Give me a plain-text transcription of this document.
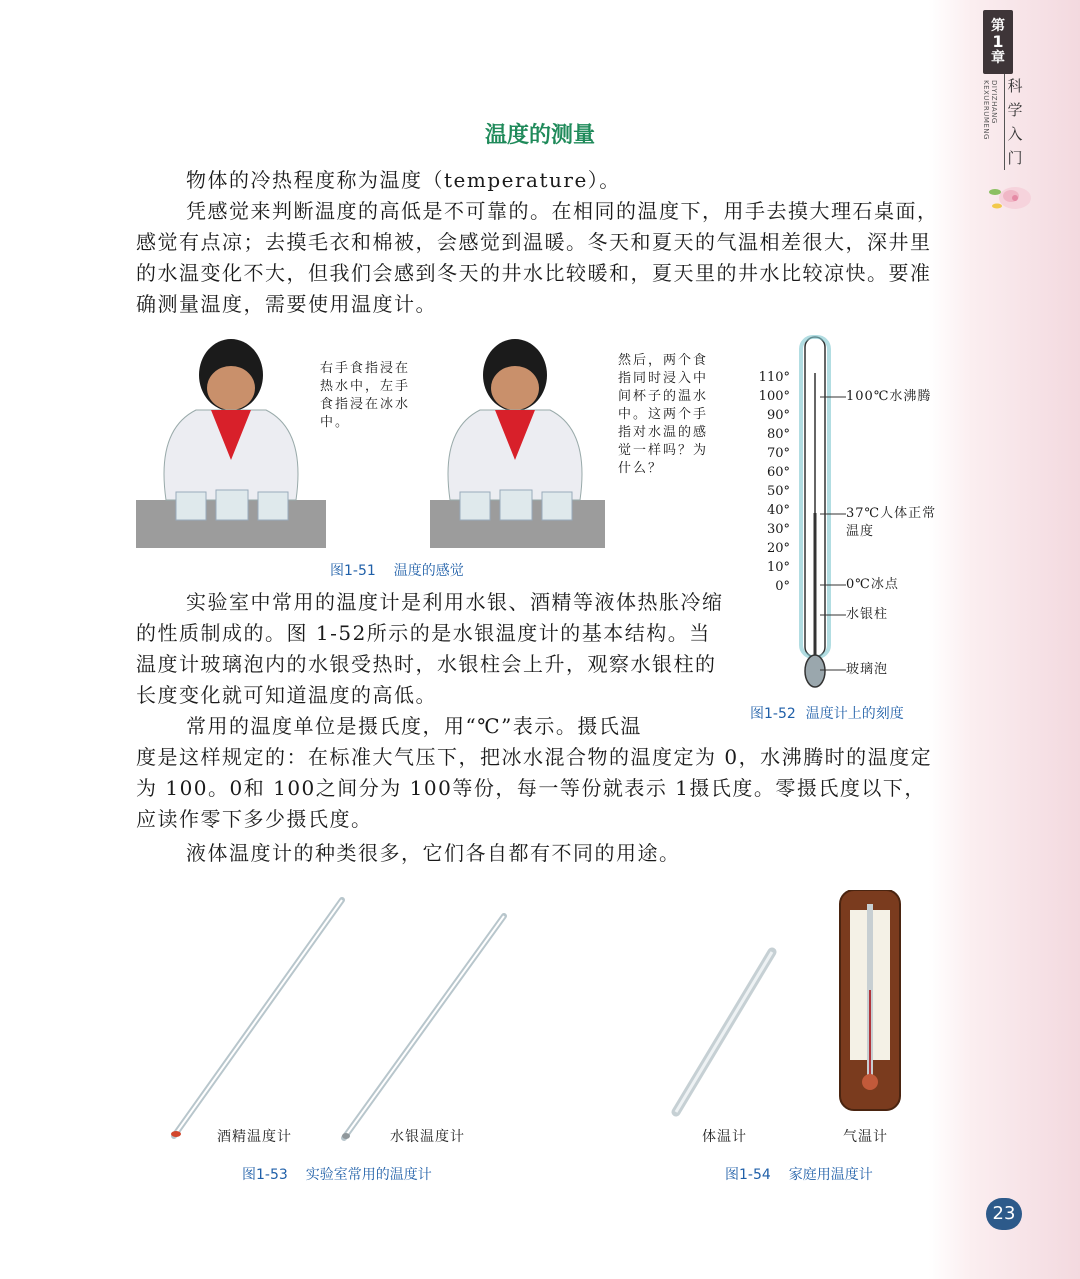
第
1
章
DIYIZHANG KEXUERUMENG	科
学
入
门
温度的测量

物体的冷热程度称为温度（temperature）。

凭感觉来判断温度的高低是不可靠的。在相同的温度下，用手去摸大理石桌面，感觉有点凉；去摸毛衣和棉被，会感觉到温暖。冬天和夏天的气温相差很大，深井里的水温变化不大，但我们会感到冬天的井水比较暖和，夏天里的井水比较凉快。要准确测量温度，需要使用温度计。

右手食指浸在热水中，左手食指浸在冰水中。
然后，两个食指同时浸入中间杯子的温水中。这两个手指对水温的感觉一样吗？为什么？
图1-51 温度的感觉
110°
100°
90°
80°
70°
60°
50°
40°
30°
20°
10°
0°
100℃水沸腾
37℃人体正常温度
0℃冰点
水银柱
玻璃泡
图1-52 温度计上的刻度

实验室中常用的温度计是利用水银、酒精等液体热胀冷缩的性质制成的。图 1-52所示的是水银温度计的基本结构。当温度计玻璃泡内的水银受热时，水银柱会上升，观察水银柱的长度变化就可知道温度的高低。

常用的温度单位是摄氏度，用“℃”表示。摄氏温

度是这样规定的：在标准大气压下，把冰水混合物的温度定为 0，水沸腾时的温度定为 100。0和 100之间分为 100等份，每一等份就表示 1摄氏度。零摄氏度以下，应读作零下多少摄氏度。

液体温度计的种类很多，它们各自都有不同的用途。

酒精温度计	水银温度计	体温计	气温计
图1-53 实验室常用的温度计	图1-54 家庭用温度计
23
